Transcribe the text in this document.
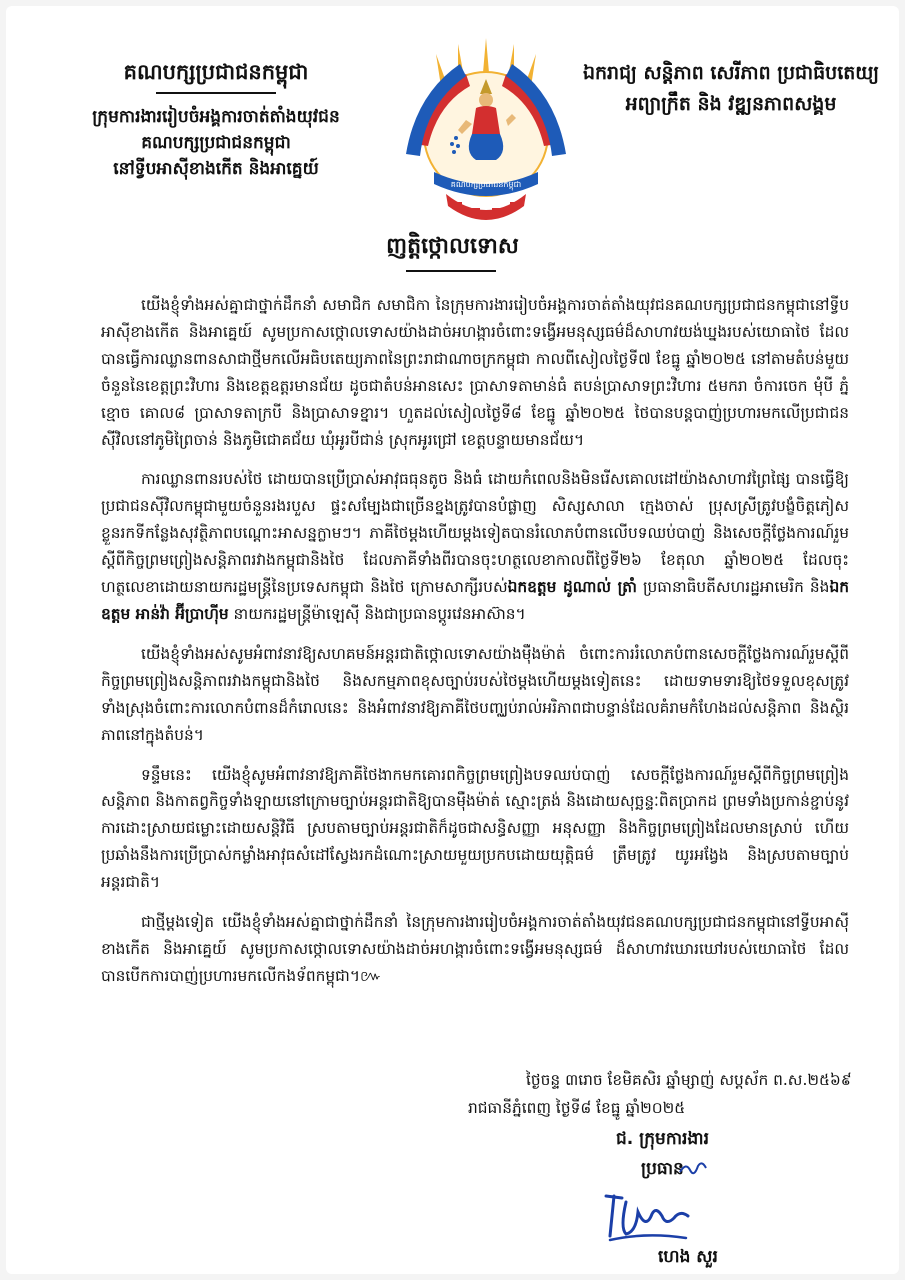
គណបក្សប្រជាជនកម្ពុជា
ក្រុមការងាររៀបចំអង្គការចាត់តាំងយុវជន
គណបក្សប្រជាជនកម្ពុជា
នៅទ្វីបអាស៊ីខាងកើត និងអាគ្នេយ៍
គណបក្សប្រជាជនកម្ពុជា
ឯករាជ្យ សន្តិភាព សេរីភាព ប្រជាធិបតេយ្យ
អព្យាក្រឹត និង វឌ្ឍនភាពសង្គម
ញត្តិថ្កោលទោស

យើងខ្ញុំទាំងអស់គ្នាជាថ្នាក់ដឹកនាំ សមាជិក សមាជិកា នៃក្រុមការងាររៀបចំអង្គការចាត់តាំងយុវជនគណបក្សប្រជាជនកម្ពុជានៅទ្វីបអាស៊ីខាងកើត និងអាគ្នេយ៍ សូមប្រកាសថ្កោលទោសយ៉ាងដាច់អហង្ការចំពោះទង្វើអមនុស្សធម៌ដ៏សាហាវយង់ឃ្នងរបស់យោធាថៃ ដែលបានធ្វើការឈ្លានពានសាជាថ្មីមកលើអធិបតេយ្យភាពនៃព្រះរាជាណាចក្រកម្ពុជា កាលពីសៀលថ្ងៃទី៧ ខែធ្នូ ឆ្នាំ២០២៥ នៅតាមតំបន់មួយចំនួននៃខេត្តព្រះវិហារ និងខេត្តឧត្តរមានជ័យ ដូចជាតំបន់អានសេះ ប្រាសាទតាមាន់ធំ តបន់ប្រាសាទព្រះវិហារ ៥មករា ចំការចេក មុំបី ភ្នំខ្មោច គោល៨ ប្រាសាទតាក្របី និងប្រាសាទខ្នារ។ ហួតដល់សៀលថ្ងៃទី៨ ខែធ្នូ ឆ្នាំ២០២៥ ថៃបានបន្តបាញ់ប្រហារមកលើប្រជាជនស៊ីវិលនៅភូមិព្រៃចាន់ និងភូមិជោគជ័យ ឃុំអូរបីជាន់ ស្រុកអូរជ្រៅ ខេត្តបន្ទាយមានជ័យ។

ការឈ្លានពានរបស់ថៃ ដោយបានប្រើប្រាស់អាវុធធុនតូច និងធំ ដោយកំពេលនិងមិនរើសគោលដៅយ៉ាងសាហាវព្រៃផ្សៃ បានធ្វើឱ្យប្រជាជនស៊ីវិលកម្ពុជាមួយចំនួនរងរបួស ផ្ទះសម្បែងជាច្រើនខ្នងត្រូវបានបំផ្លាញ សិស្សសាលា ក្មេងចាស់ ប្រុសស្រីត្រូវបង្ខំចិត្តភៀសខ្លួនរកទីកន្លែងសុវត្ថិភាពបណ្តោះអាសន្នក្លាមៗ។ ភាគីថៃម្តងហើយម្តងទៀតបានរំលោភបំពានលើបទឈប់បាញ់ និងសេចក្តីថ្លែងការណ៍រួមស្តីពីកិច្ចព្រមព្រៀងសន្តិភាពរវាងកម្ពុជានិងថៃ ដែលភាគីទាំងពីរបានចុះហត្ថលេខាកាលពីថ្ងៃទី២៦ ខែតុលា ឆ្នាំ២០២៥ ដែលចុះហត្ថលេខាដោយនាយករដ្ឋមន្រ្តីនៃប្រទេសកម្ពុជា និងថៃ ក្រោមសាក្សីរបស់ឯកឧត្តម ដូណាល់ ត្រាំ ប្រធានាធិបតីសហរដ្ឋអាមេរិក និងឯកឧត្តម អាន់វ៉ា អ៊ីប្រាហ៊ីម នាយករដ្ឋមន្រ្តីម៉ាឡេស៊ី និងជាប្រធានប្តូរវេនអាស៊ាន។

យើងខ្ញុំទាំងអស់សូមអំពាវនាវឱ្យសហគមន៍អន្តរជាតិថ្កោលទោសយ៉ាងម៉ឺងម៉ាត់ ចំពោះការរំលោភបំពានសេចក្តីថ្លែងការណ៍រួមស្តីពីកិច្ចព្រមព្រៀងសន្តិភាពរវាងកម្ពុជានិងថៃ និងសកម្មភាពខុសច្បាប់របស់ថៃម្តងហើយម្តងទៀតនេះ ដោយទាមទារឱ្យថៃទទួលខុសត្រូវទាំងស្រុងចំពោះការលោកបំពានដ៏កំរោលនេះ និងអំពាវនាវឱ្យភាគីថៃបញ្ឈប់រាល់អរិភាពជាបន្ទាន់ដែលគំរាមកំហែងដល់សន្តិភាព និងស្ថិរភាពនៅក្នុងតំបន់។

ទន្ទឹមនេះ យើងខ្ញុំសូមអំពាវនាវឱ្យភាគីថៃងាកមកគោរពកិច្ចព្រមព្រៀងបទឈប់បាញ់ សេចក្តីថ្លែងការណ៍រួមស្តីពីកិច្ចព្រមព្រៀងសន្តិភាព និងកាតព្វកិច្ចទាំងឡាយនៅក្រោមច្បាប់អន្តរជាតិឱ្យបានម៉ឺងម៉ាត់ ស្មោះត្រង់ និងដោយសុច្ឆន្ទៈពិតប្រាកដ ព្រមទាំងប្រកាន់ខ្ជាប់នូវការដោះស្រាយជម្លោះដោយសន្តិវិធី ស្របតាមច្បាប់អន្តរជាតិក៏ដូចជាសន្ធិសញ្ញា អនុសញ្ញា និងកិច្ចព្រមព្រៀងដែលមានស្រាប់ ហើយប្រឆាំងនឹងការប្រើប្រាស់កម្លាំងអាវុធសំដៅស្វែងរកដំណោះស្រាយមួយប្រកបដោយយុត្តិធម៌ ត្រឹមត្រូវ យូរអង្វែង និងស្របតាមច្បាប់អន្តរជាតិ។

ជាថ្មីម្តងទៀត យើងខ្ញុំទាំងអស់គ្នាជាថ្នាក់ដឹកនាំ នៃក្រុមការងាររៀបចំអង្គការចាត់តាំងយុវជនគណបក្សប្រជាជនកម្ពុជានៅទ្វីបអាស៊ីខាងកើត និងអាគ្នេយ៍ សូមប្រកាសថ្កោលទោសយ៉ាងដាច់អហង្ការចំពោះទង្វើអមនុស្សធម៌ ដ៏សាហាវឃោរឃៅរបស់យោធាថៃ ដែលបានបើកការបាញ់ប្រហារមកលើកងទ័ពកម្ពុជា។៚

ថ្ងៃចន្ទ ៣រោច ខែមិគសិរ ឆ្នាំម្សាញ់ សប្តស័ក ព.ស.២៥៦៩
រាជធានីភ្នំពេញ ថ្ងៃទី៨ ខែធ្នូ ឆ្នាំ២០២៥
ជ. ក្រុមការងារ
ប្រធាន
ហេង សួរ
